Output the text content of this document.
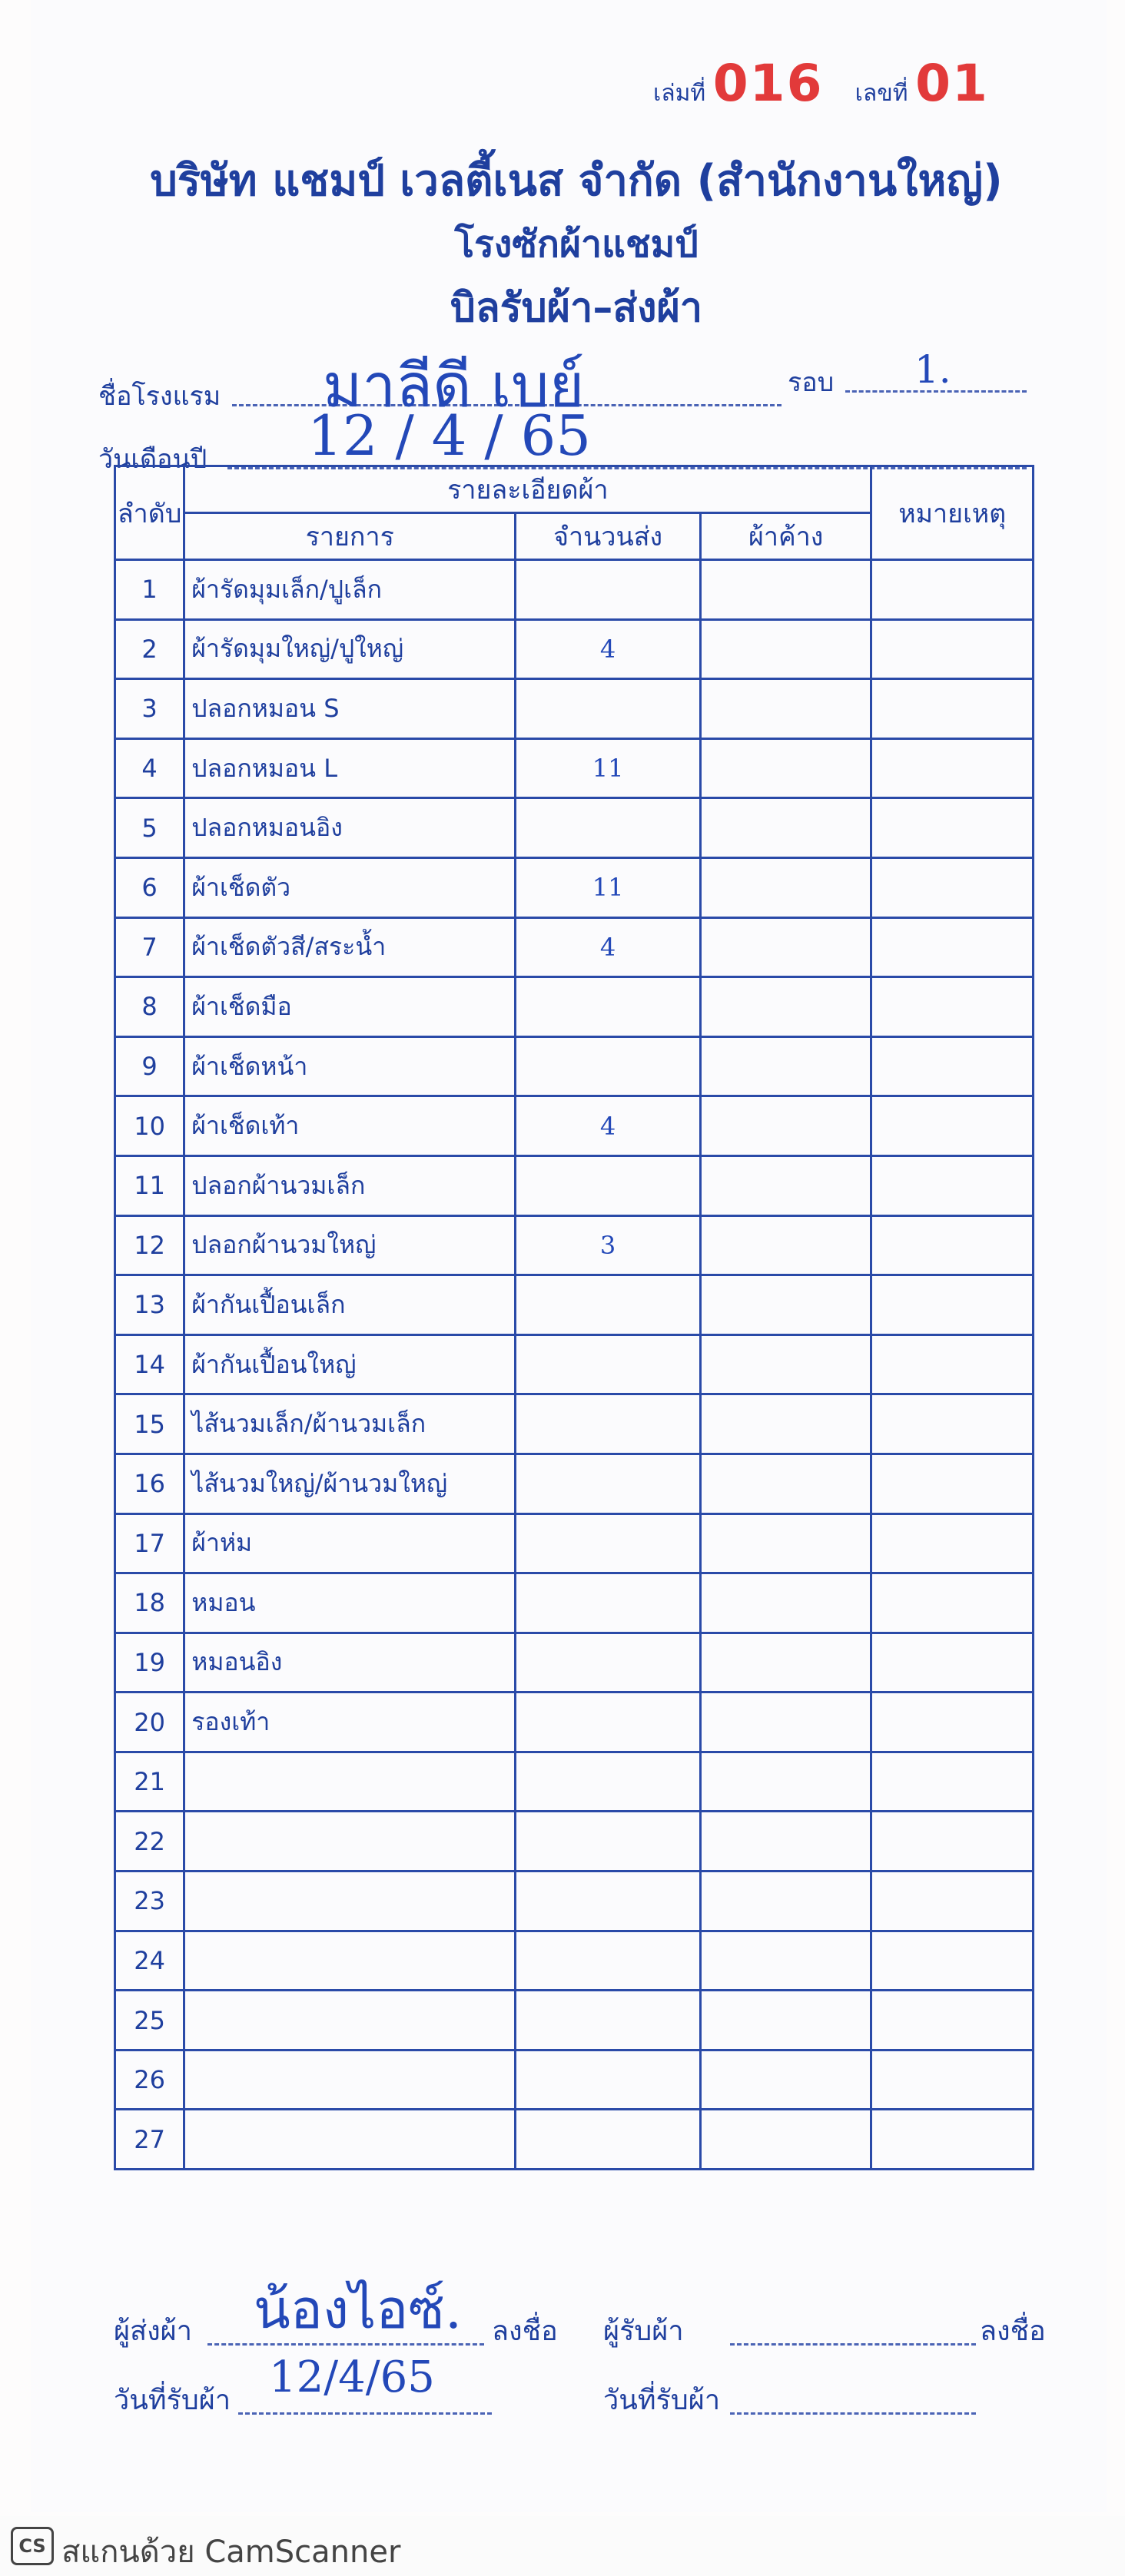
เล่มที่ 016 เลขที่ 01
บริษัท แชมป์ เวลตี้เนส จำกัด (สำนักงานใหญ่)
โรงซักผ้าแชมป์
บิลรับผ้า–ส่งผ้า
ชื่อโรงแรม มาลีดี เบย์	รอบ 1.
วันเดือนปี 12 / 4 / 65
ลำดับ	รายละเอียดผ้า			หมายเหตุ
	รายการ	จำนวนส่ง	ผ้าค้าง	
1	ผ้ารัดมุมเล็ก/ปูเล็ก			
2	ผ้ารัดมุมใหญ่/ปูใหญ่	4		
3	ปลอกหมอน S			
4	ปลอกหมอน L	11		
5	ปลอกหมอนอิง			
6	ผ้าเช็ดตัว	11		
7	ผ้าเช็ดตัวสี/สระน้ำ	4		
8	ผ้าเช็ดมือ			
9	ผ้าเช็ดหน้า			
10	ผ้าเช็ดเท้า	4		
11	ปลอกผ้านวมเล็ก			
12	ปลอกผ้านวมใหญ่	3		
13	ผ้ากันเปื้อนเล็ก			
14	ผ้ากันเปื้อนใหญ่			
15	ไส้นวมเล็ก/ผ้านวมเล็ก			
16	ไส้นวมใหญ่/ผ้านวมใหญ่			
17	ผ้าห่ม			
18	หมอน			
19	หมอนอิง			
20	รองเท้า			
21				
22				
23				
24				
25				
26				
27				
ผู้ส่งผ้า น้องไอซ์. ลงชื่อ ผู้รับผ้า	ลงชื่อ
วันที่รับผ้า 12/4/65	วันที่รับผ้า
CS สแกนด้วย CamScanner
